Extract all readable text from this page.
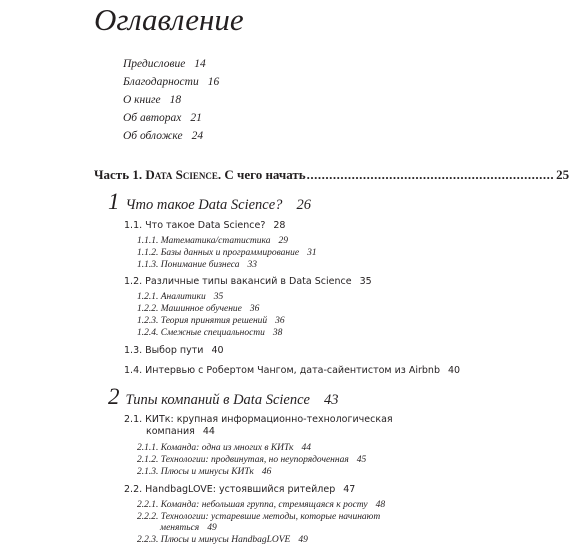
Оглавление
Предисловие 14
Благодарности 16
О книге 18
Об авторах 21
Об обложке 24
Часть 1.
Data Science.
С чего начать .................................................................. 25
1 Что такое Data Science? 26
1.1. Что такое Data Science? 28
1.1.1. Математика/статистика 29
1.1.2. Базы данных и программирование 31
1.1.3. Понимание бизнеса 33
1.2. Различные типы вакансий в Data Science 35
1.2.1. Аналитики 35
1.2.2. Машинное обучение 36
1.2.3. Теория принятия решений 36
1.2.4. Смежные специальности 38
1.3. Выбор пути 40
1.4. Интервью с Робертом Чангом, дата-сайентистом из Airbnb 40
2 Типы компаний в Data Science 43
2.1. КИТк: крупная информационно-технологическая
компания 44
2.1.1. Команда: одна из многих в КИТк 44
2.1.2. Технологии: продвинутая, но неупорядоченная 45
2.1.3. Плюсы и минусы КИТк 46
2.2. HandbagLOVE: устоявшийся ритейлер 47
2.2.1. Команда: небольшая группа, стремящаяся к росту 48
2.2.2. Технологии: устаревшие методы, которые начинают
меняться 49
2.2.3. Плюсы и минусы HandbagLOVE 49
